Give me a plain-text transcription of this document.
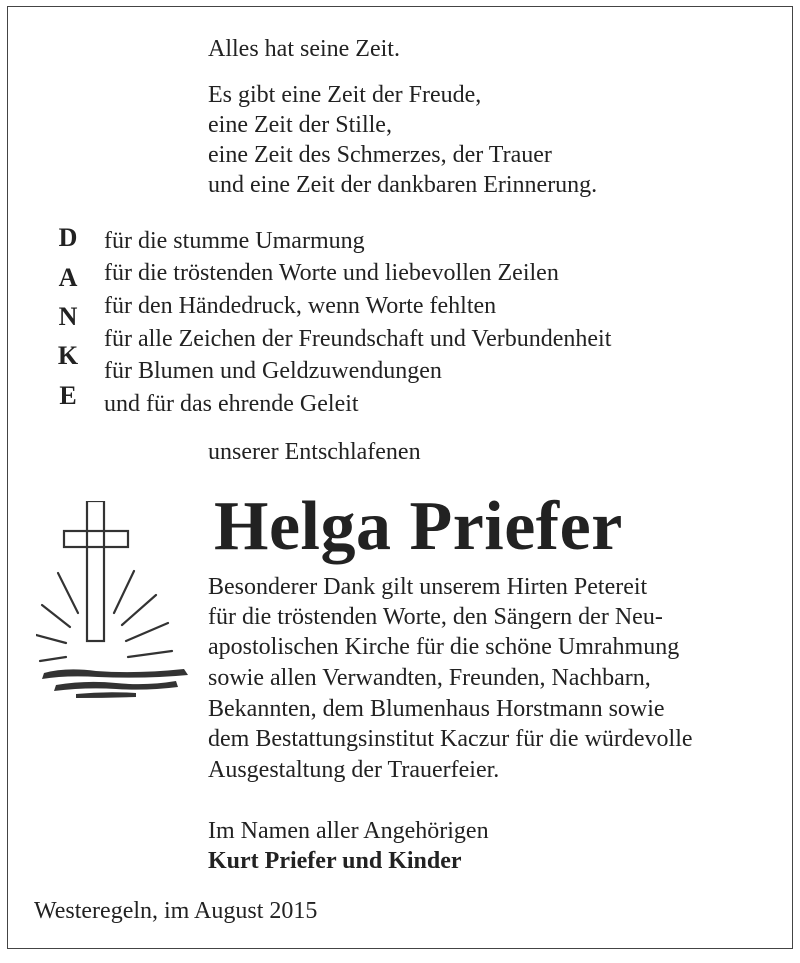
Alles hat seine Zeit.
Es gibt eine Zeit der Freude,
eine Zeit der Stille,
eine Zeit des Schmerzes, der Trauer
und eine Zeit der dankbaren Erinnerung.
D
A
N
K
E
für die stumme Umarmung
für die tröstenden Worte und liebevollen Zeilen
für den Händedruck, wenn Worte fehlten
für alle Zeichen der Freundschaft und Verbundenheit
für Blumen und Geldzuwendungen
und für das ehrende Geleit
unserer Entschlafenen
Helga Priefer
Besonderer Dank gilt unserem Hirten Petereit
für die tröstenden Worte, den Sängern der Neu-
apostolischen Kirche für die schöne Umrahmung
sowie allen Verwandten, Freunden, Nachbarn,
Bekannten, dem Blumenhaus Horstmann sowie
dem Bestattungsinstitut Kaczur für die würdevolle
Ausgestaltung der Trauerfeier.
Im Namen aller Angehörigen
Kurt Priefer und Kinder
Westeregeln, im August 2015
